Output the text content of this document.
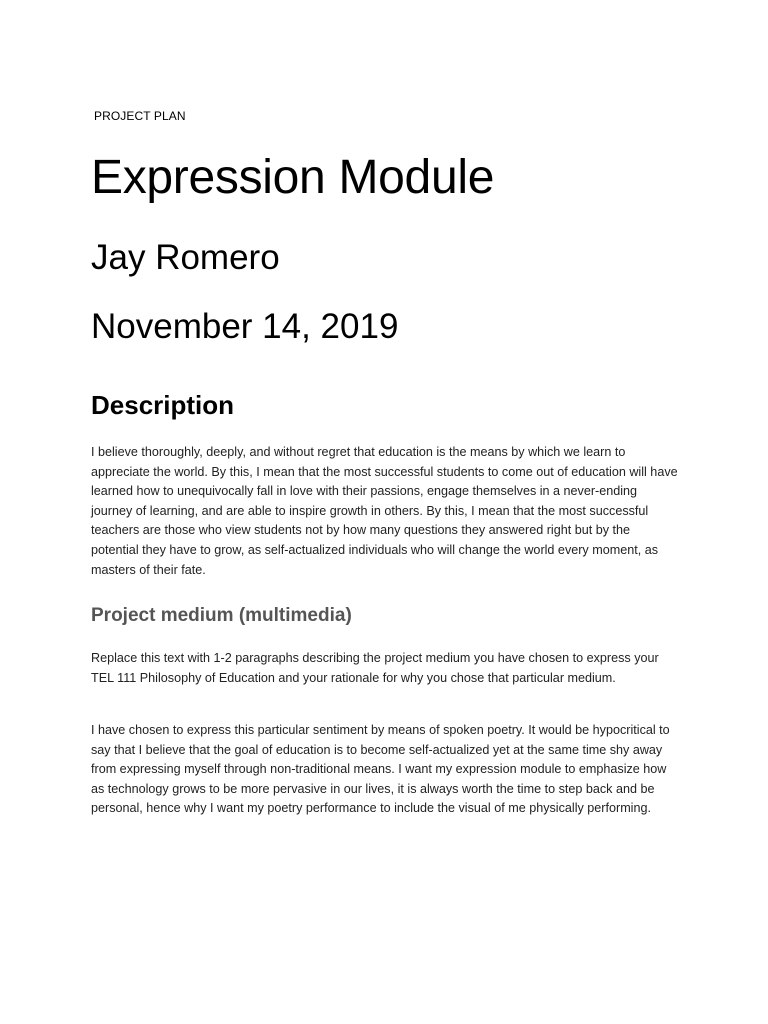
PROJECT PLAN
Expression Module
Jay Romero
November 14, 2019
Description

I believe thoroughly, deeply, and without regret that education is the means by which we learn to appreciate the world. By this, I mean that the most successful students to come out of education will have learned how to unequivocally fall in love with their passions, engage themselves in a never-ending journey of learning, and are able to inspire growth in others. By this, I mean that the most successful teachers are those who view students not by how many questions they answered right but by the potential they have to grow, as self-actualized individuals who will change the world every moment, as masters of their fate.

Project medium (multimedia)

Replace this text with 1-2 paragraphs describing the project medium you have chosen to express your TEL 111 Philosophy of Education and your rationale for why you chose that particular medium.

I have chosen to express this particular sentiment by means of spoken poetry. It would be hypocritical to say that I believe that the goal of education is to become self-actualized yet at the same time shy away from expressing myself through non-traditional means. I want my expression module to emphasize how as technology grows to be more pervasive in our lives, it is always worth the time to step back and be personal, hence why I want my poetry performance to include the visual of me physically performing.
